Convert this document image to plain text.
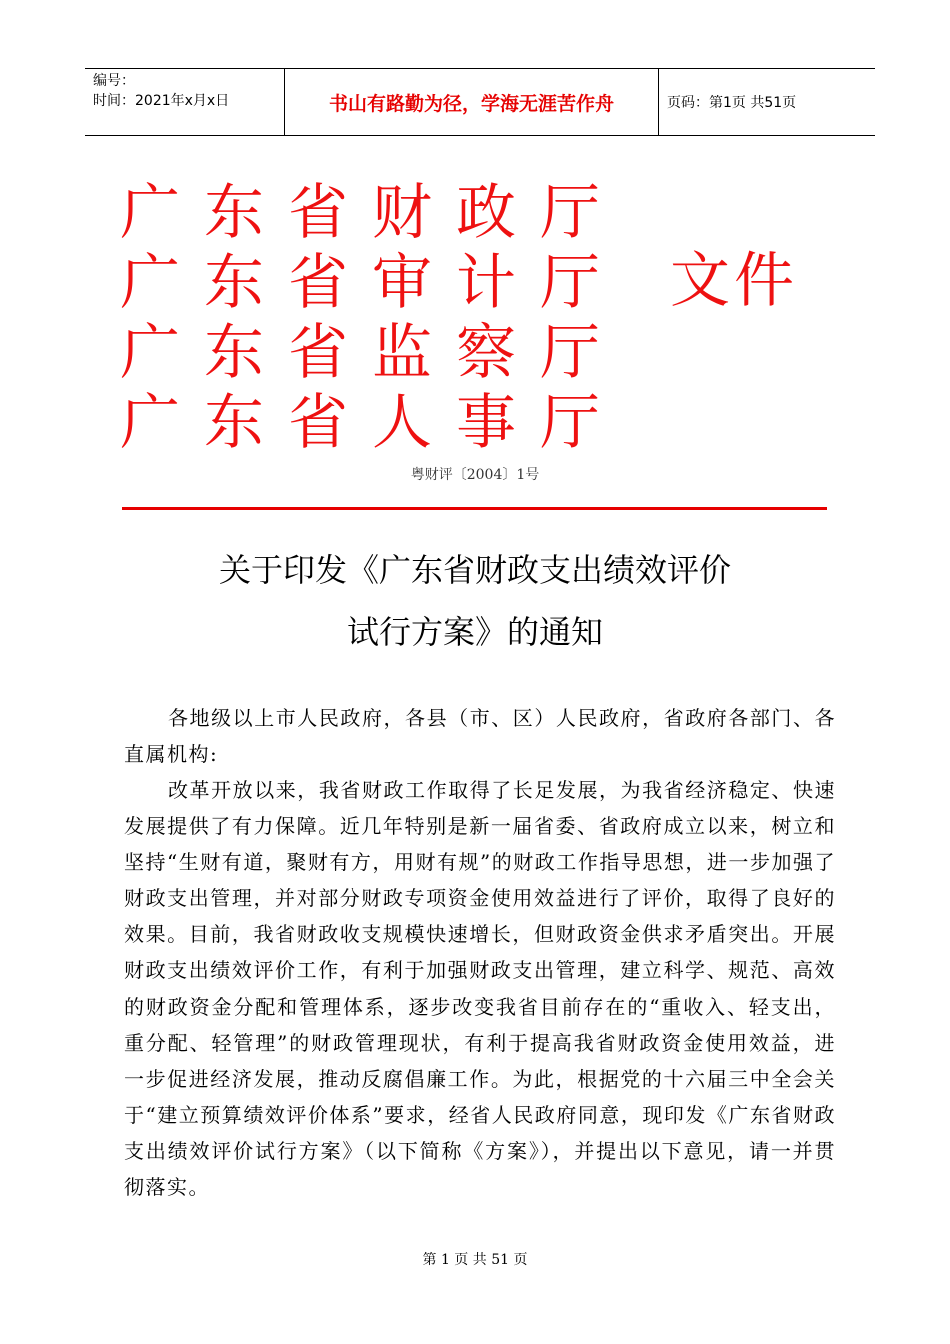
编号：
时间：2021年x月x日	书山有路勤为径，学海无涯苦作舟	页码：第1页 共51页
广东省财政厅
广东省审计厅
广东省监察厅
广东省人事厅
文件
粤财评〔2004〕1号
关于印发《广东省财政支出绩效评价
试行方案》的通知
各地级以上市人民政府，各县（市、区）人民政府，省政府各部门、各直属机构:
改革开放以来，我省财政工作取得了长足发展，为我省经济稳定、快速发展提供了有力保障。近几年特别是新一届省委、省政府成立以来，树立和坚持“生财有道，聚财有方，用财有规”的财政工作指导思想，进一步加强了财政支出管理，并对部分财政专项资金使用效益进行了评价，取得了良好的效果。目前，我省财政收支规模快速增长，但财政资金供求矛盾突出。开展财政支出绩效评价工作，有利于加强财政支出管理，建立科学、规范、高效的财政资金分配和管理体系，逐步改变我省目前存在的“重收入、轻支出，重分配、轻管理”的财政管理现状，有利于提高我省财政资金使用效益，进一步促进经济发展，推动反腐倡廉工作。为此，根据党的十六届三中全会关于“建立预算绩效评价体系”要求，经省人民政府同意，现印发《广东省财政支出绩效评价试行方案》（以下简称《方案》），并提出以下意见，请一并贯彻落实。
第 1 页 共 51 页
